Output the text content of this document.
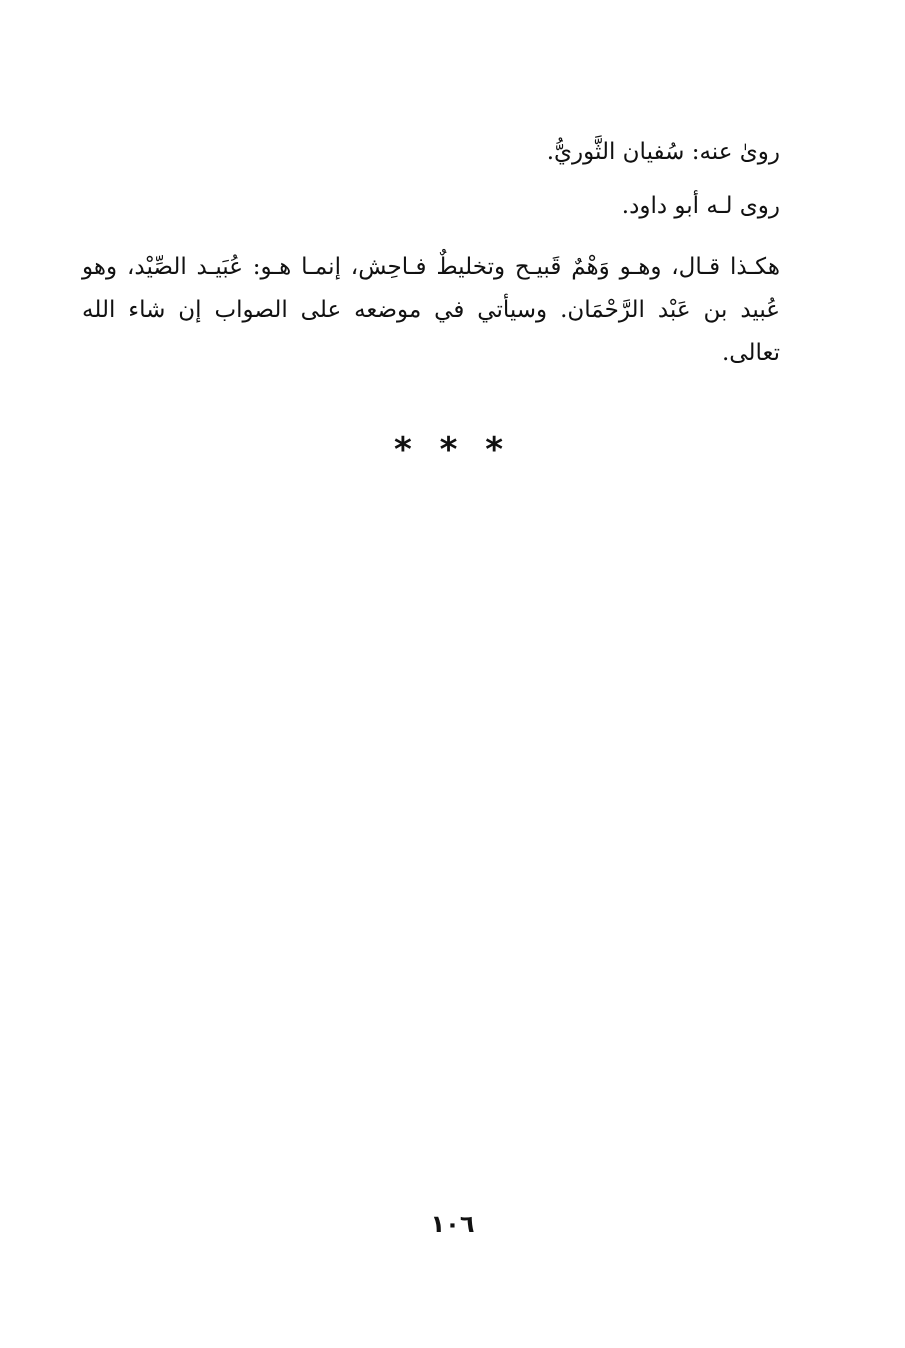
روىٰ عنه: سُفيان الثَّوريُّ.

روى لـه أبو داود.

هكـذا قـال، وهـو وَهْمٌ قَبيـح وتخليطٌ فـاحِش، إنمـا هـو: عُبَيـد الصِّيْد، وهو عُبيد بن عَبْد الرَّحْمَان. وسيأتي في موضعه على الصواب إن شاء الله تعالى.

* * *
١٠٦
